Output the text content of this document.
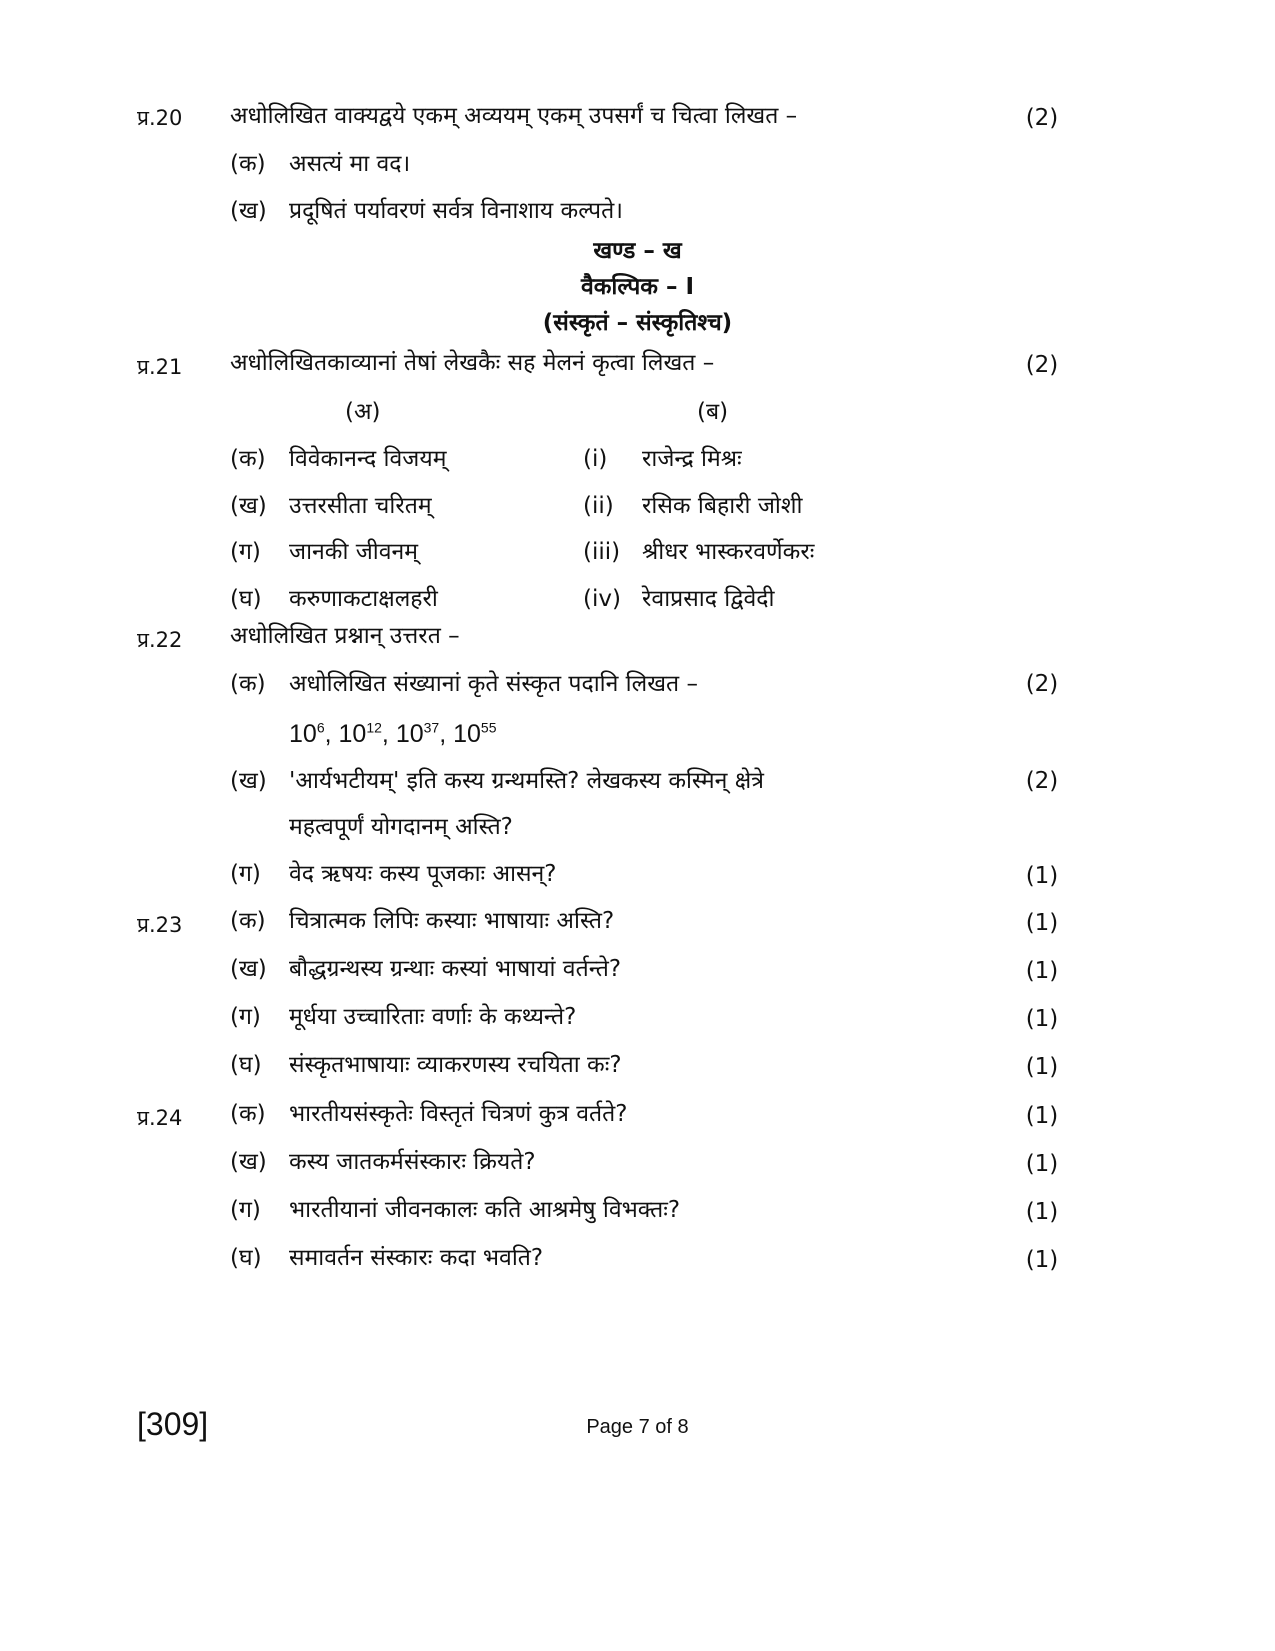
प्र.20 अधोलिखित वाक्यद्वये एकम् अव्ययम् एकम् उपसर्गं च चित्वा लिखत –	(2)
(क) असत्यं मा वद।
(ख) प्रदूषितं पर्यावरणं सर्वत्र विनाशाय कल्पते।
खण्ड – ख
वैकल्पिक – I
(संस्कृतं – संस्कृतिश्च)
प्र.21 अधोलिखितकाव्यानां तेषां लेखकैः सह मेलनं कृत्वा लिखत –	(2)
(अ)	(ब)
(क) विवेकानन्द विजयम्	(i) राजेन्द्र मिश्रः
(ख) उत्तरसीता चरितम्	(ii) रसिक बिहारी जोशी
(ग) जानकी जीवनम्	(iii) श्रीधर भास्करवर्णेकरः
(घ) करुणाकटाक्षलहरी	(iv) रेवाप्रसाद द्विवेदी
प्र.22 अधोलिखित प्रश्नान् उत्तरत –
(क) अधोलिखित संख्यानां कृते संस्कृत पदानि लिखत –	(2)
$10^6$, $10^{12}$, $10^{37}$, $10^{55}$
(ख) 'आर्यभटीयम्' इति कस्य ग्रन्थमस्ति? लेखकस्य कस्मिन् क्षेत्रे	(2)
महत्वपूर्णं योगदानम् अस्ति?
(ग) वेद ऋषयः कस्य पूजकाः आसन्?	(1)
प्र.23 (क) चित्रात्मक लिपिः कस्याः भाषायाः अस्ति?	(1)
(ख) बौद्धग्रन्थस्य ग्रन्थाः कस्यां भाषायां वर्तन्ते?	(1)
(ग) मूर्धया उच्चारिताः वर्णाः के कथ्यन्ते?	(1)
(घ) संस्कृतभाषायाः व्याकरणस्य रचयिता कः?	(1)
प्र.24 (क) भारतीयसंस्कृतेः विस्तृतं चित्रणं कुत्र वर्तते?	(1)
(ख) कस्य जातकर्मसंस्कारः क्रियते?	(1)
(ग) भारतीयानां जीवनकालः कति आश्रमेषु विभक्तः?	(1)
(घ) समावर्तन संस्कारः कदा भवति?	(1)
[309]	Page 7 of 8
